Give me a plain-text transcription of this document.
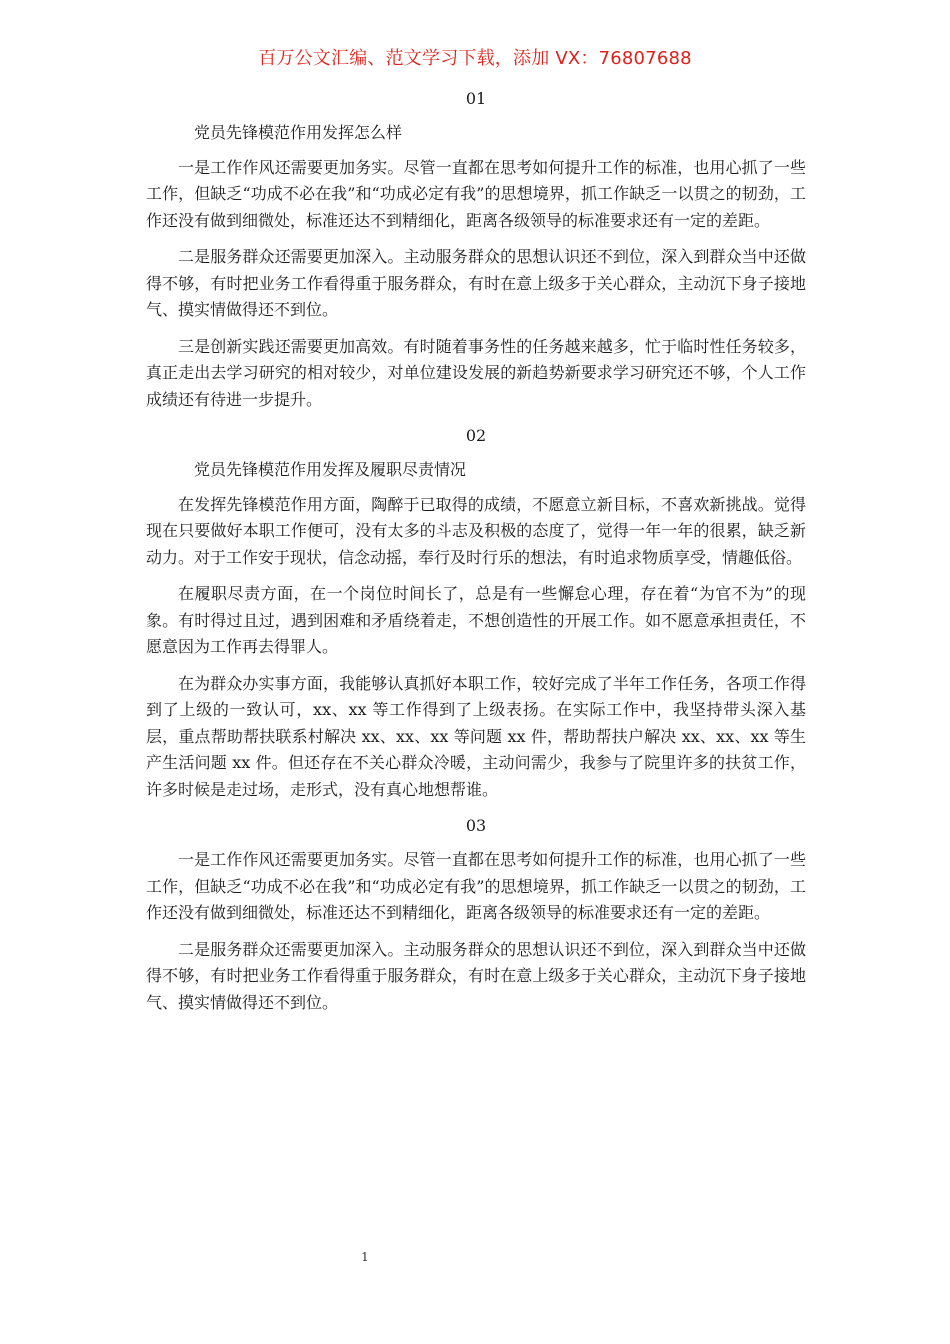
百万公文汇编、范文学习下载，添加 VX：76807688
01

党员先锋模范作用发挥怎么样

一是工作作风还需要更加务实。尽管一直都在思考如何提升工作的标准，也用心抓了一些工作，但缺乏“功成不必在我”和“功成必定有我”的思想境界，抓工作缺乏一以贯之的韧劲，工作还没有做到细微处，标准还达不到精细化，距离各级领导的标准要求还有一定的差距。

二是服务群众还需要更加深入。主动服务群众的思想认识还不到位，深入到群众当中还做得不够，有时把业务工作看得重于服务群众，有时在意上级多于关心群众，主动沉下身子接地气、摸实情做得还不到位。

三是创新实践还需要更加高效。有时随着事务性的任务越来越多，忙于临时性任务较多，真正走出去学习研究的相对较少，对单位建设发展的新趋势新要求学习研究还不够，个人工作成绩还有待进一步提升。

02

党员先锋模范作用发挥及履职尽责情况

在发挥先锋模范作用方面，陶醉于已取得的成绩，不愿意立新目标，不喜欢新挑战。觉得现在只要做好本职工作便可，没有太多的斗志及积极的态度了，觉得一年一年的很累，缺乏新动力。对于工作安于现状，信念动摇，奉行及时行乐的想法，有时追求物质享受，情趣低俗。

在履职尽责方面，在一个岗位时间长了，总是有一些懈怠心理，存在着“为官不为”的现象。有时得过且过，遇到困难和矛盾绕着走，不想创造性的开展工作。如不愿意承担责任，不愿意因为工作再去得罪人。

在为群众办实事方面，我能够认真抓好本职工作，较好完成了半年工作任务，各项工作得到了上级的一致认可，xx、xx 等工作得到了上级表扬。在实际工作中，我坚持带头深入基层，重点帮助帮扶联系村解决 xx、xx、xx 等问题 xx 件，帮助帮扶户解决 xx、xx、xx 等生产生活问题 xx 件。但还存在不关心群众冷暖，主动问需少，我参与了院里许多的扶贫工作，许多时候是走过场，走形式，没有真心地想帮谁。

03

一是工作作风还需要更加务实。尽管一直都在思考如何提升工作的标准，也用心抓了一些工作，但缺乏“功成不必在我”和“功成必定有我”的思想境界，抓工作缺乏一以贯之的韧劲，工作还没有做到细微处，标准还达不到精细化，距离各级领导的标准要求还有一定的差距。

二是服务群众还需要更加深入。主动服务群众的思想认识还不到位，深入到群众当中还做得不够，有时把业务工作看得重于服务群众，有时在意上级多于关心群众，主动沉下身子接地气、摸实情做得还不到位。

1
